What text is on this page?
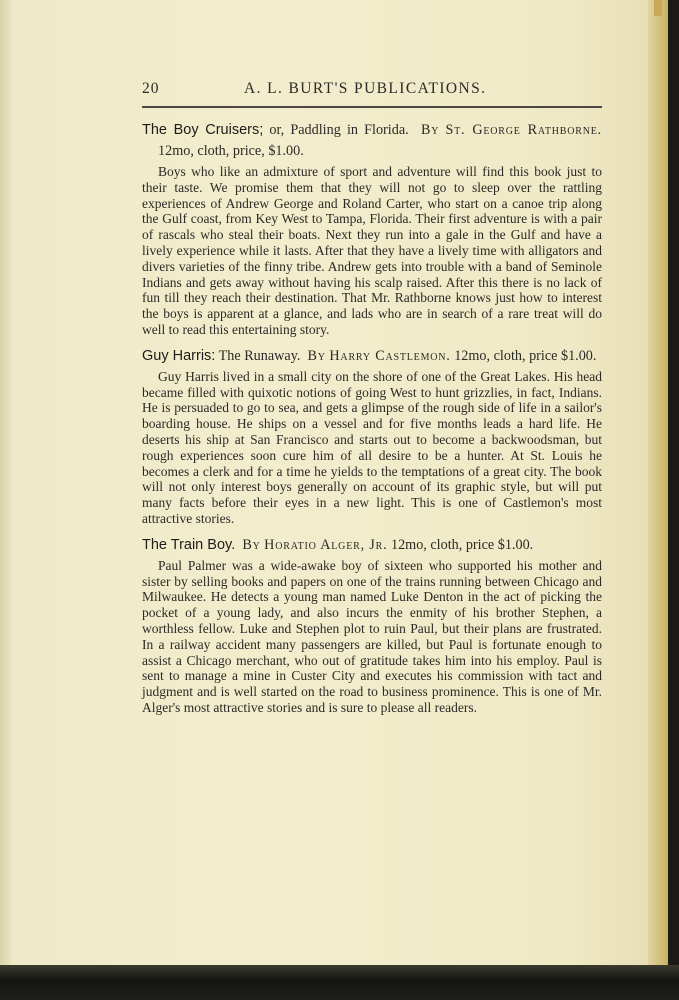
20	A. L. BURT'S PUBLICATIONS.

The Boy Cruisers; or, Paddling in Florida. By St. George Rathborne. 12mo, cloth, price, $1.00.

Boys who like an admixture of sport and adventure will find this book just to their taste. We promise them that they will not go to sleep over the rattling experiences of Andrew George and Roland Carter, who start on a canoe trip along the Gulf coast, from Key West to Tampa, Florida. Their first adventure is with a pair of rascals who steal their boats. Next they run into a gale in the Gulf and have a lively experience while it lasts. After that they have a lively time with alligators and divers varieties of the finny tribe. Andrew gets into trouble with a band of Seminole Indians and gets away without having his scalp raised. After this there is no lack of fun till they reach their destination. That Mr. Rathborne knows just how to interest the boys is apparent at a glance, and lads who are in search of a rare treat will do well to read this entertaining story.

Guy Harris: The Runaway. By Harry Castlemon. 12mo, cloth, price $1.00.

Guy Harris lived in a small city on the shore of one of the Great Lakes. His head became filled with quixotic notions of going West to hunt grizzlies, in fact, Indians. He is persuaded to go to sea, and gets a glimpse of the rough side of life in a sailor's boarding house. He ships on a vessel and for five months leads a hard life. He deserts his ship at San Francisco and starts out to become a backwoodsman, but rough experiences soon cure him of all desire to be a hunter. At St. Louis he becomes a clerk and for a time he yields to the temptations of a great city. The book will not only interest boys generally on account of its graphic style, but will put many facts before their eyes in a new light. This is one of Castlemon's most attractive stories.

The Train Boy. By Horatio Alger, Jr. 12mo, cloth, price $1.00.

Paul Palmer was a wide-awake boy of sixteen who supported his mother and sister by selling books and papers on one of the trains running between Chicago and Milwaukee. He detects a young man named Luke Denton in the act of picking the pocket of a young lady, and also incurs the enmity of his brother Stephen, a worthless fellow. Luke and Stephen plot to ruin Paul, but their plans are frustrated. In a railway accident many passengers are killed, but Paul is fortunate enough to assist a Chicago merchant, who out of gratitude takes him into his employ. Paul is sent to manage a mine in Custer City and executes his commission with tact and judgment and is well started on the road to business prominence. This is one of Mr. Alger's most attractive stories and is sure to please all readers.
